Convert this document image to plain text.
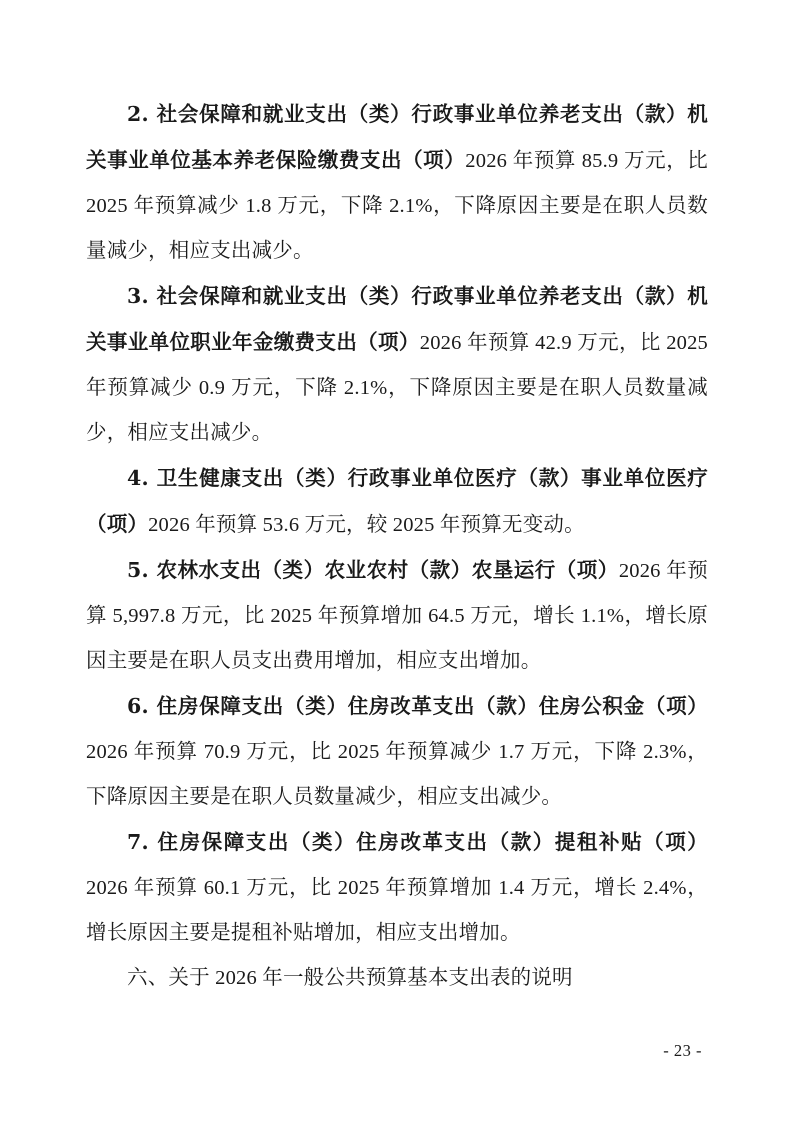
2. 社会保障和就业支出（类）行政事业单位养老支出（款）机关事业单位基本养老保险缴费支出（项）2026 年预算 85.9 万元，比 2025 年预算减少 1.8 万元，下降 2.1%，下降原因主要是在职人员数量减少，相应支出减少。

3. 社会保障和就业支出（类）行政事业单位养老支出（款）机关事业单位职业年金缴费支出（项）2026 年预算 42.9 万元，比 2025 年预算减少 0.9 万元，下降 2.1%，下降原因主要是在职人员数量减少，相应支出减少。

4. 卫生健康支出（类）行政事业单位医疗（款）事业单位医疗（项）2026 年预算 53.6 万元，较 2025 年预算无变动。

5. 农林水支出（类）农业农村（款）农垦运行（项）2026 年预算 5,997.8 万元，比 2025 年预算增加 64.5 万元，增长 1.1%，增长原因主要是在职人员支出费用增加，相应支出增加。

6. 住房保障支出（类）住房改革支出（款）住房公积金（项）2026 年预算 70.9 万元，比 2025 年预算减少 1.7 万元，下降 2.3%，下降原因主要是在职人员数量减少，相应支出减少。

7. 住房保障支出（类）住房改革支出（款）提租补贴（项）2026 年预算 60.1 万元，比 2025 年预算增加 1.4 万元，增长 2.4%，增长原因主要是提租补贴增加，相应支出增加。

六、关于 2026 年一般公共预算基本支出表的说明

- 23 -
